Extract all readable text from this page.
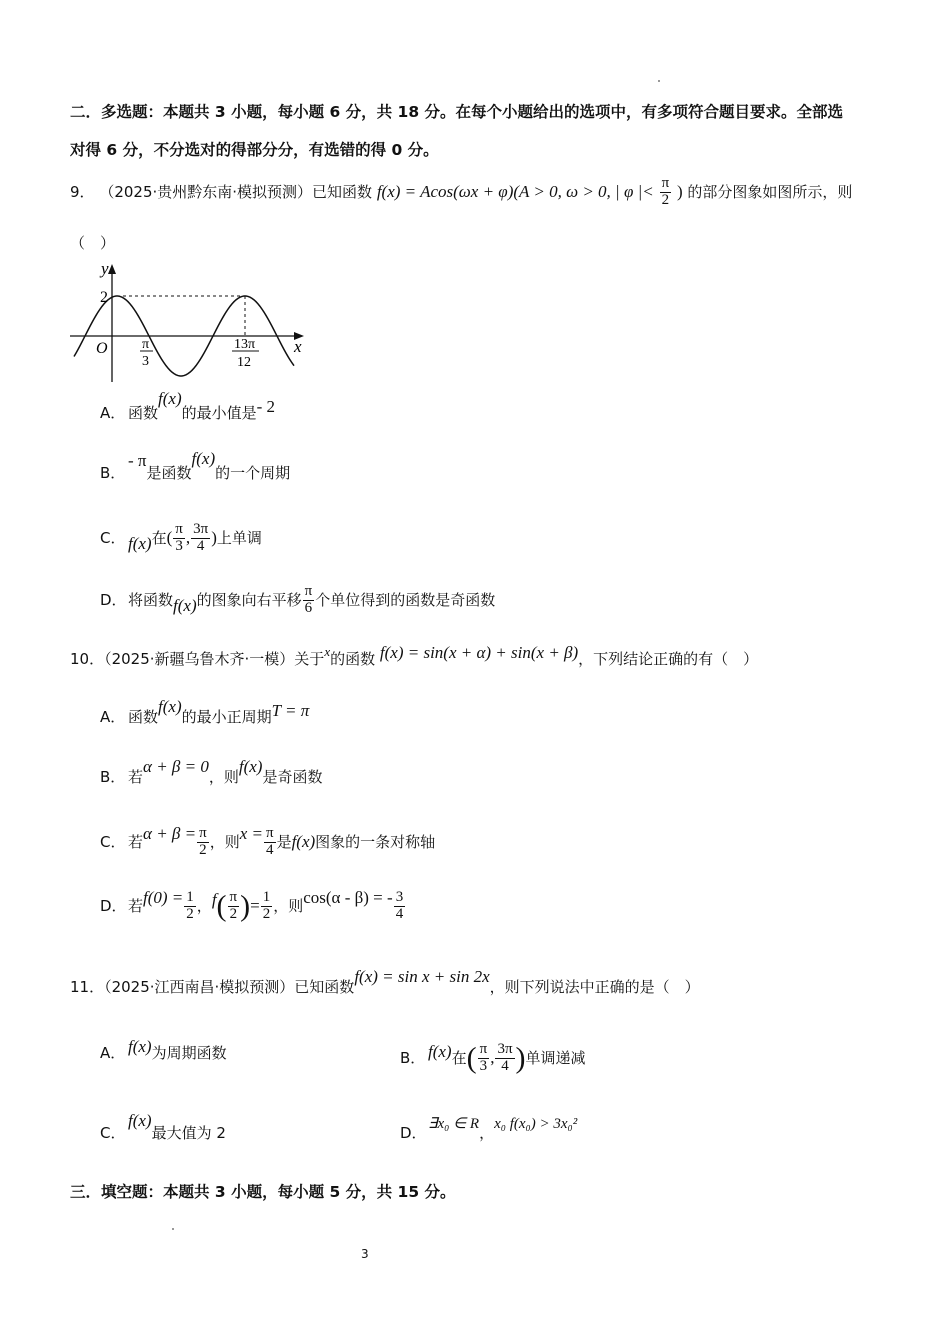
二．多选题：本题共 3 小题，每小题 6 分，共 18 分。在每个小题给出的选项中，有多项符合题目要求。全部选
对得 6 分，不分选对的得部分分，有选错的得 0 分。
9． （2025·贵州黔东南·模拟预测）已知函数 f(x) = Acos(ωx + φ)(A > 0, ω > 0, | φ |< $\frac{\pi}{2}$ ) 的部分图象如图所示，则
（　）
y
x
O
2
π
3
13π
12
A． 函数f(x)的最小值是- 2
B．- π是函数f(x)的一个周期
C． f(x)在( $\frac{\pi}{3}$ , $\frac{3\pi}{4}$ )上单调
D．将函数f(x)的图象向右平移 $\frac{\pi}{6}$ 个单位得到的函数是奇函数
10．（2025·新疆乌鲁木齐·一模）关于x的函数 f(x) = sin(x + α) + sin(x + β)，下列结论正确的有（　）
A． 函数f(x)的最小正周期T = π
B． 若α + β = 0，则f(x)是奇函数
C． 若$\alpha + \beta = \frac{\pi}{2}$ ，则$x = \frac{\pi}{4}$ 是f(x)图象的一条对称轴
D．若$f(0) = \frac{1}{2}$ ，$f( \frac{\pi}{2}$ )= $\frac{1}{2}$ ，则cos(α - β) = - $\frac{3}{4}$
11．（2025·江西南昌·模拟预测）已知函数f(x) = sin x + sin 2x，则下列说法中正确的是（　）
A． f(x)为周期函数	B． f(x)在( $\frac{\pi}{3}$ , $\frac{3\pi}{4}$ )单调递减
C．f(x)最大值为 2	D．∃x₀ ∈ R，x₀ f(x₀) > 3x₀²
三．填空题：本题共 3 小题，每小题 5 分，共 15 分。
3
